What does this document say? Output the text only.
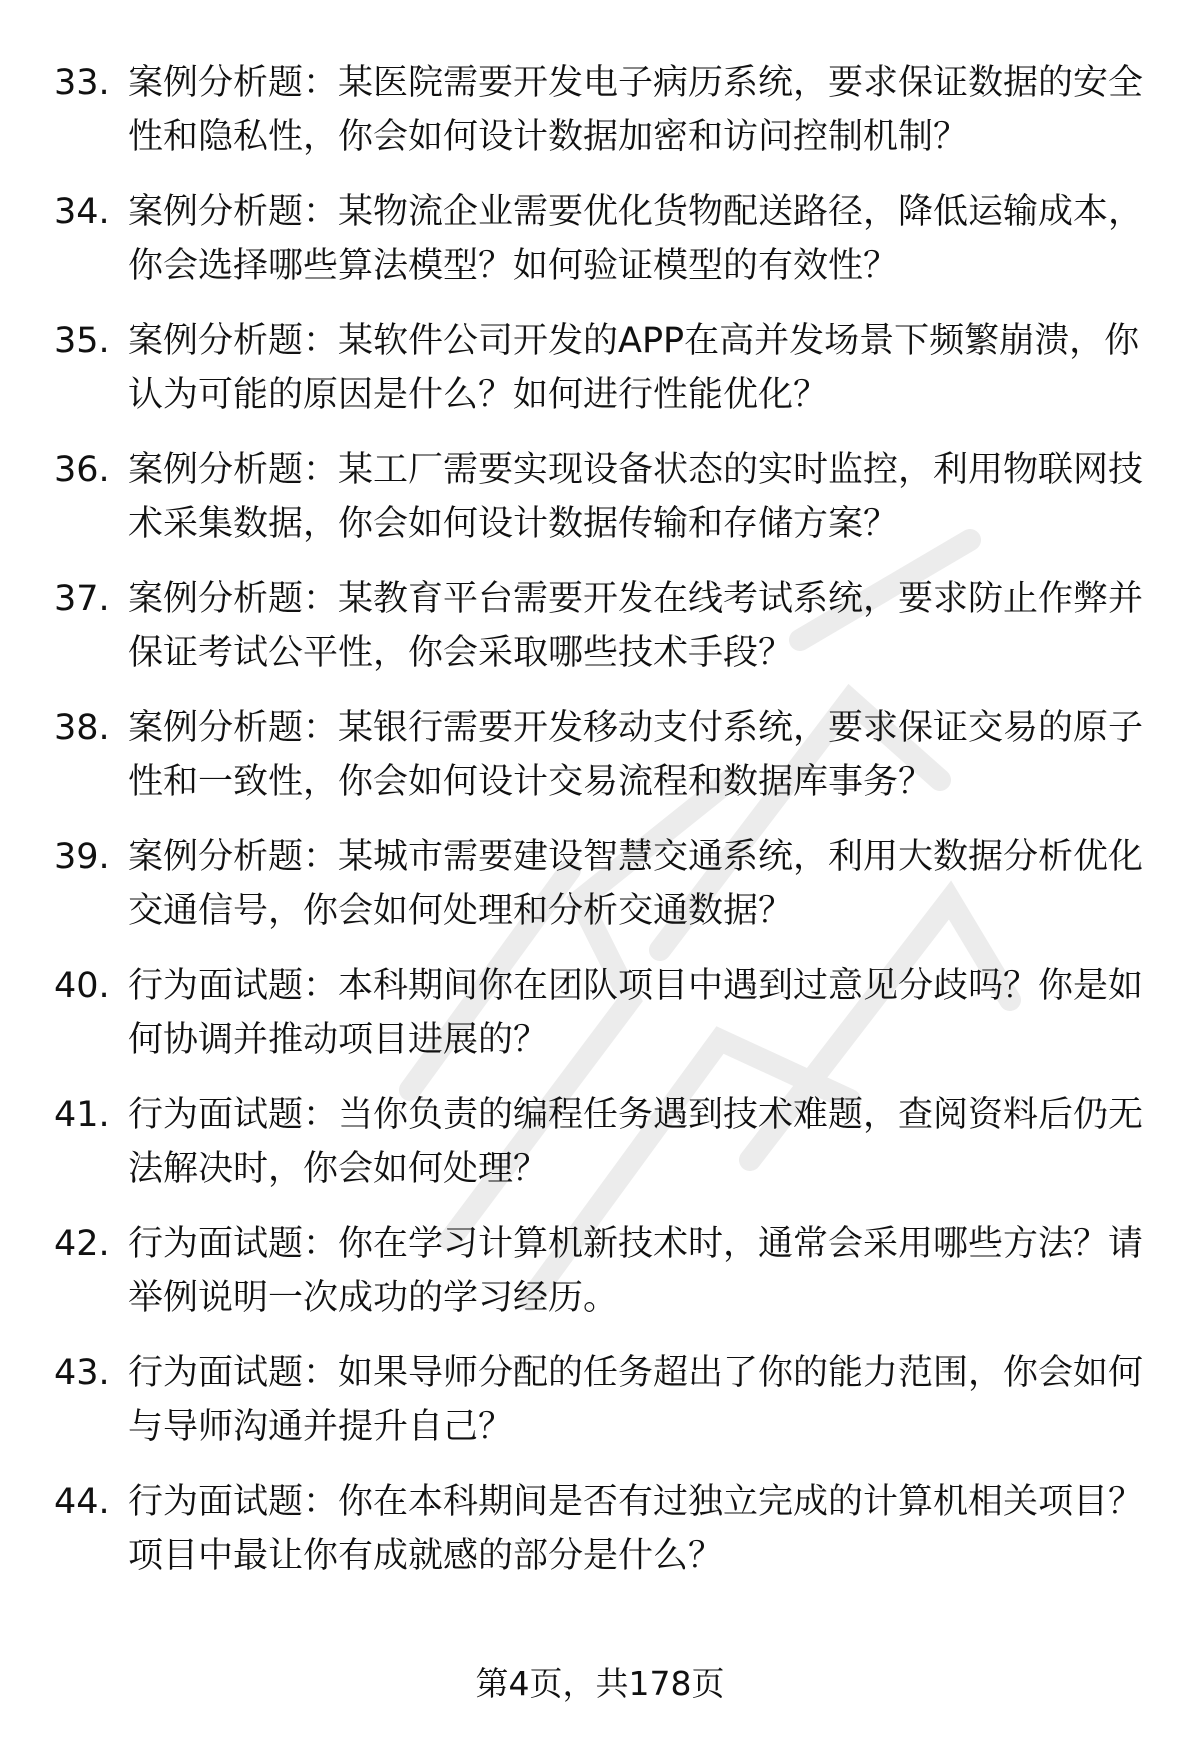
33. 案例分析题：某医院需要开发电子病历系统，要求保证数据的安全性和隐私性，你会如何设计数据加密和访问控制机制？
34. 案例分析题：某物流企业需要优化货物配送路径，降低运输成本，你会选择哪些算法模型？如何验证模型的有效性？
35. 案例分析题：某软件公司开发的APP在高并发场景下频繁崩溃，你认为可能的原因是什么？如何进行性能优化？
36. 案例分析题：某工厂需要实现设备状态的实时监控，利用物联网技术采集数据，你会如何设计数据传输和存储方案？
37. 案例分析题：某教育平台需要开发在线考试系统，要求防止作弊并保证考试公平性，你会采取哪些技术手段？
38. 案例分析题：某银行需要开发移动支付系统，要求保证交易的原子性和一致性，你会如何设计交易流程和数据库事务？
39. 案例分析题：某城市需要建设智慧交通系统，利用大数据分析优化交通信号，你会如何处理和分析交通数据？
40. 行为面试题：本科期间你在团队项目中遇到过意见分歧吗？你是如何协调并推动项目进展的？
41. 行为面试题：当你负责的编程任务遇到技术难题，查阅资料后仍无法解决时，你会如何处理？
42. 行为面试题：你在学习计算机新技术时，通常会采用哪些方法？请举例说明一次成功的学习经历。
43. 行为面试题：如果导师分配的任务超出了你的能力范围，你会如何与导师沟通并提升自己？
44. 行为面试题：你在本科期间是否有过独立完成的计算机相关项目？项目中最让你有成就感的部分是什么？
第4页，共178页
